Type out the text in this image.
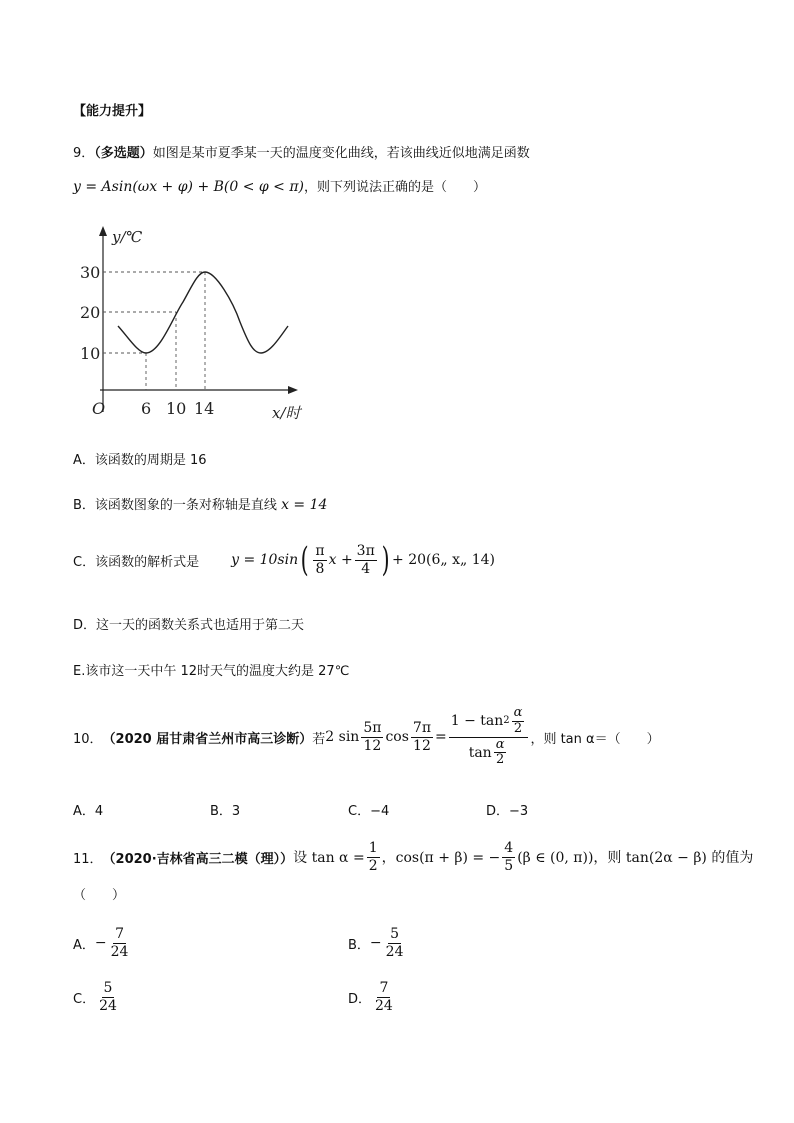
【能力提升】
9．（多选题）如图是某市夏季某一天的温度变化曲线，若该曲线近似地满足函数
y = Asin(ωx + φ) + B(0 < φ < π)，则下列说法正确的是（　　）
y/℃
x/时
O
30
20
10
6 10 14
A．该函数的周期是 16
B．该函数图象的一条对称轴是直线 x = 14
C．该函数的解析式是 y = 10sin ( $\frac{\pi}{8}$ $x + \frac{3\pi}{4}$ ) + 20(6„ x„ 14)
D．这一天的函数关系式也适用于第二天
E.该市这一天中午 12时天气的温度大约是 27℃
10． （2020 届甘肃省兰州市高三诊断） 若 2 $\sin \frac{5\pi}{12}$ $\cos \frac{7\pi}{12} = \frac{1 - \tan 2 \frac{\alpha}{2}}{\tan \frac{\alpha}{2}}$ ，则 tan α＝（　　）
A．4	B．3	C．−4	D．−3
11． （2020·吉林省高三二模（理）） 设 $\tan \alpha = \frac{1}{2}$ ，cos(π + β) = − $\frac{4}{5} (\beta$ ∈ (0, π))，则 tan(2α − β) 的值为
（　　）
A． − $\frac{7}{24}$	B． − $\frac{5}{24}$
C． $\frac{5}{24}$	D． $\frac{7}{24}$
